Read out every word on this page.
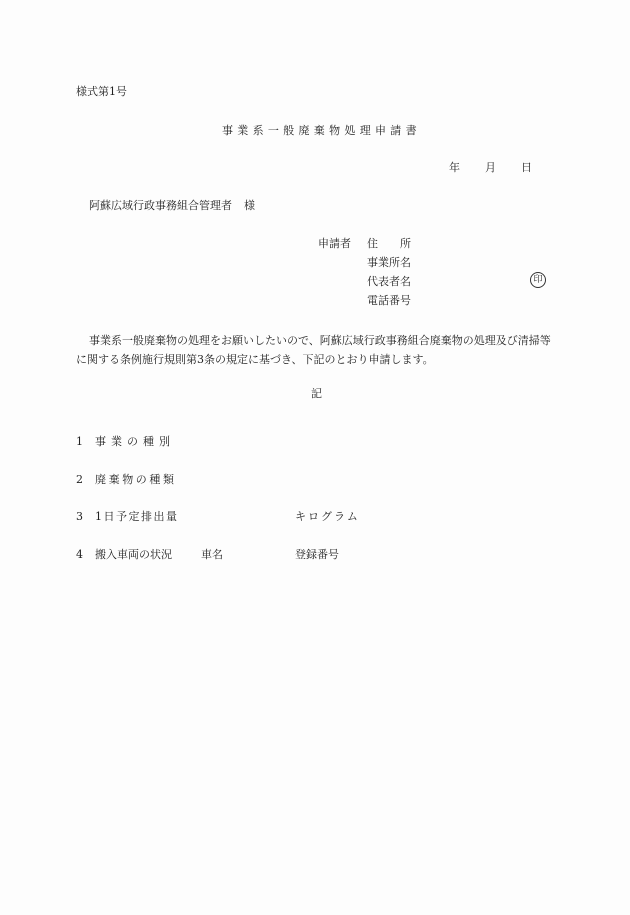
様式第1号
事業系一般廃棄物処理申請書
年 月 日
阿蘇広域行政事務組合管理者 様
申請者 住 所
事業所名
代表者名
電話番号
印
事業系一般廃棄物の処理をお願いしたいので、阿蘇広域行政事務組合廃棄物の処理及び清掃等に関する条例施行規則第3条の規定に基づき、下記のとおり申請します。
記
1 事業の種別
2 廃棄物の種類
3 1日予定排出量	キログラム
4 搬入車両の状況	車名	登録番号
